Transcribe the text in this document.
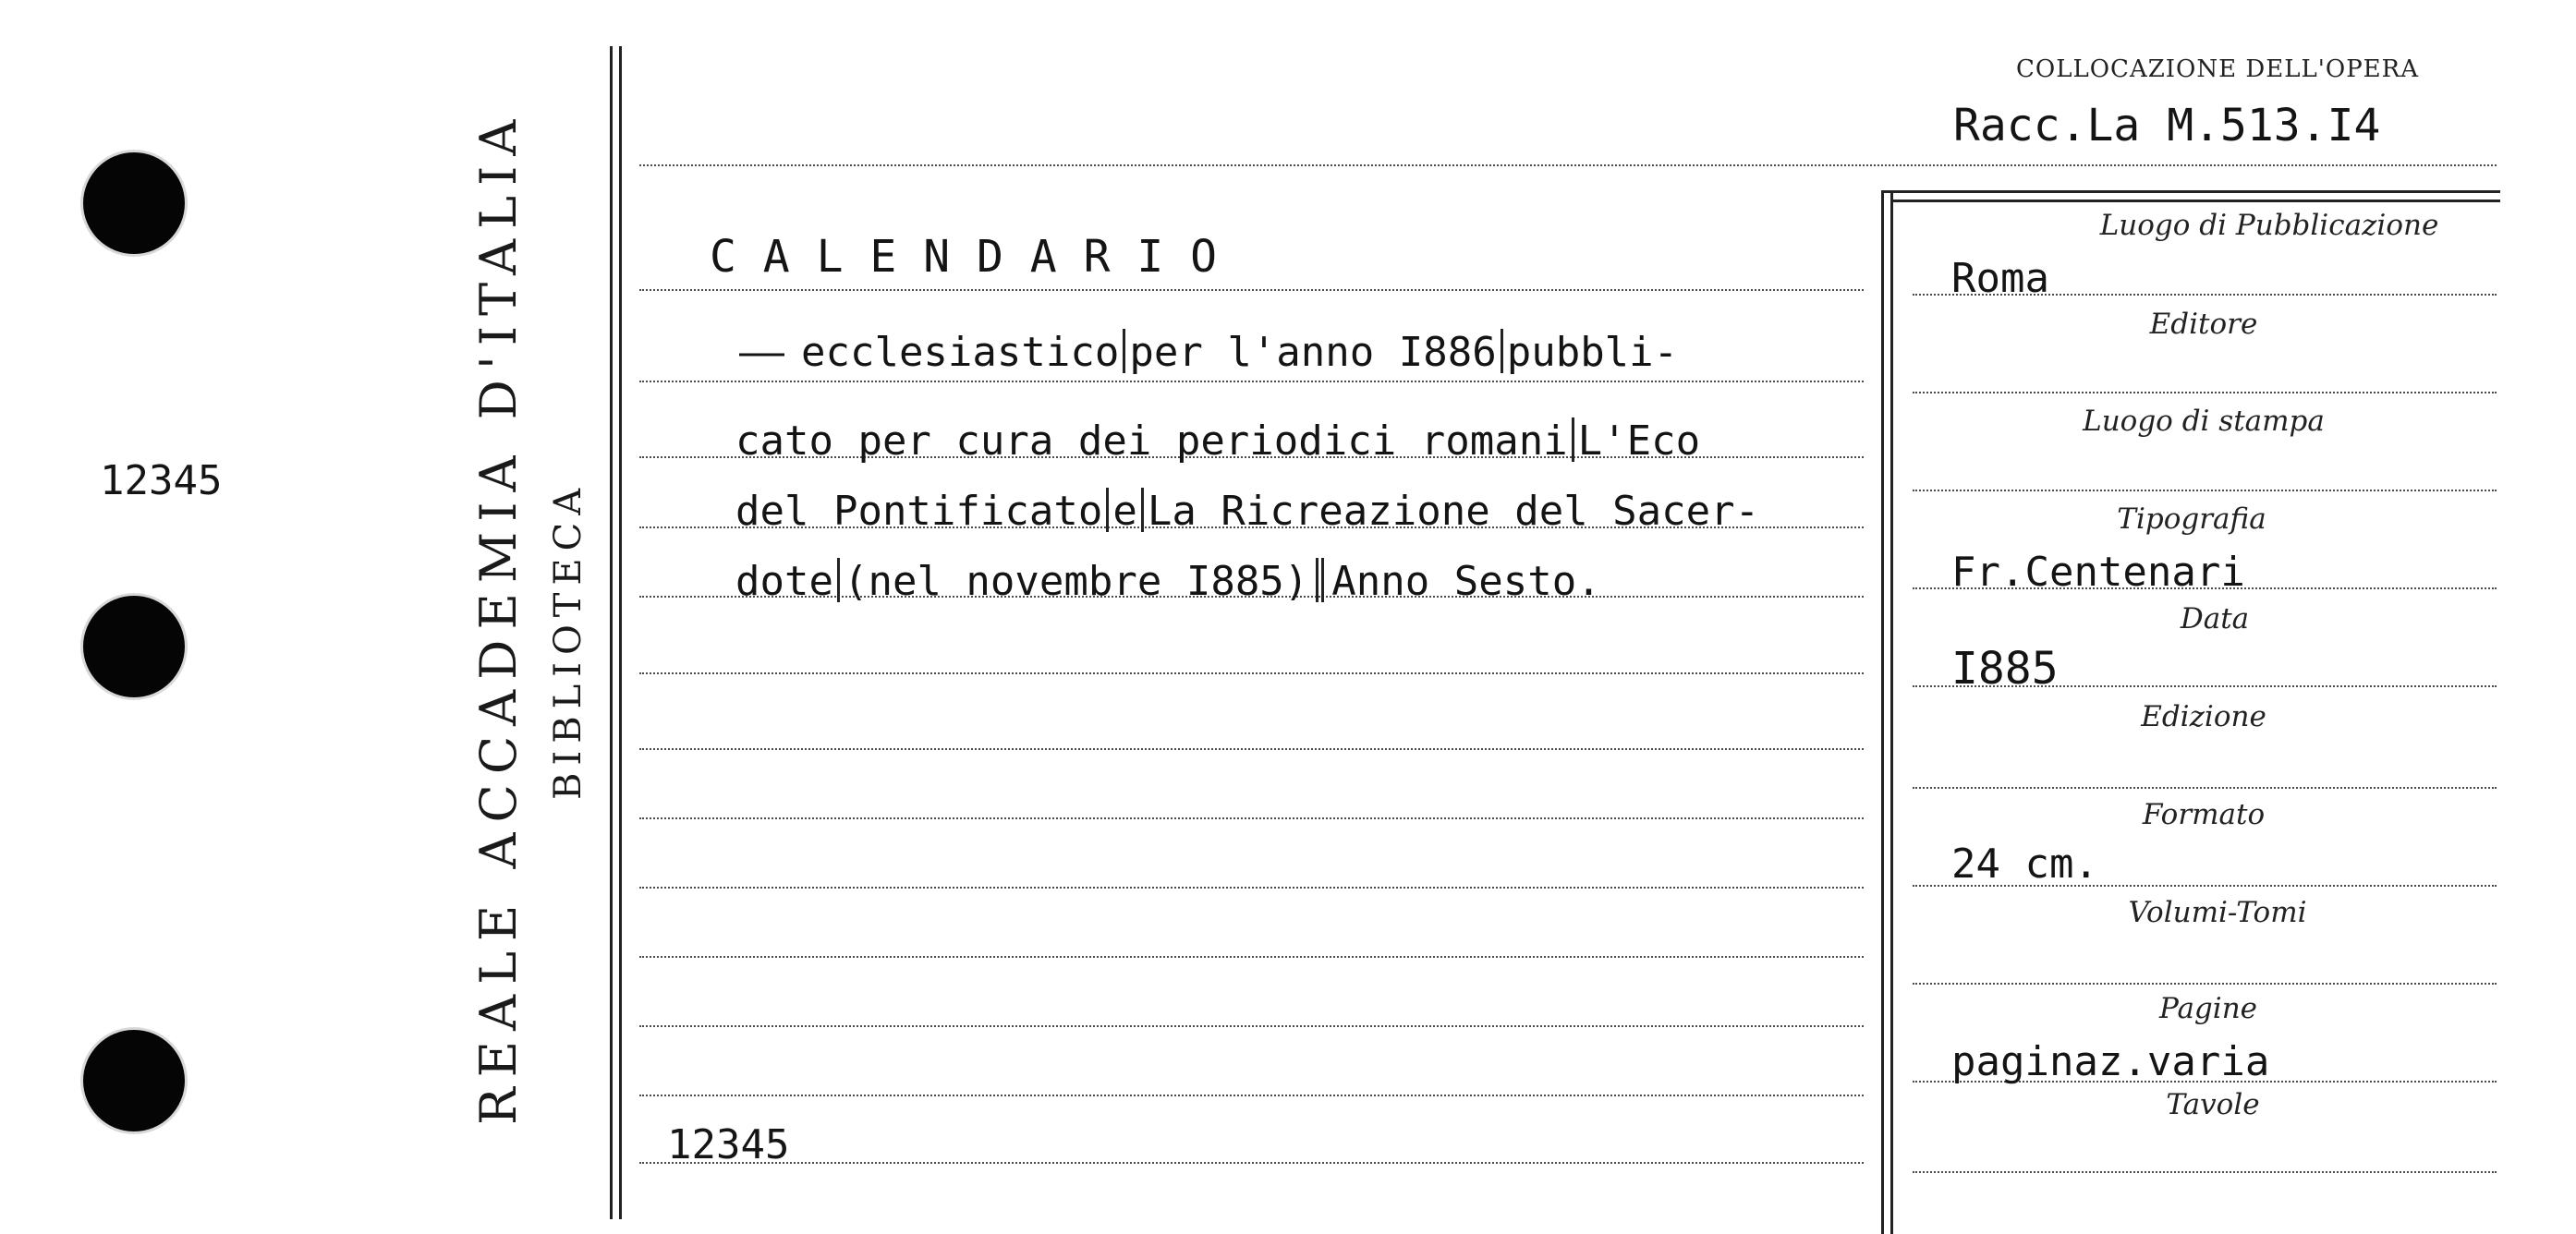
12345	REALE ACCADEMIA D'ITALIA BIBLIOTECA
COLLOCAZIONE DELL'OPERA
Racc.La M.513.I4
C A L E N D A R I O
—— ecclesiastico per l'anno I886 pubbli-
cato per cura dei periodici romani L'Eco
del Pontificato e La Ricreazione del Sacer-
dote (nel novembre I885) Anno Sesto.
12345
Luogo di Pubblicazione
Editore
Luogo di stampa
Tipografia
Data
Edizione
Formato
Volumi-Tomi
Pagine
Tavole
Roma
Fr.Centenari
I885
24 cm.
paginaz.varia
